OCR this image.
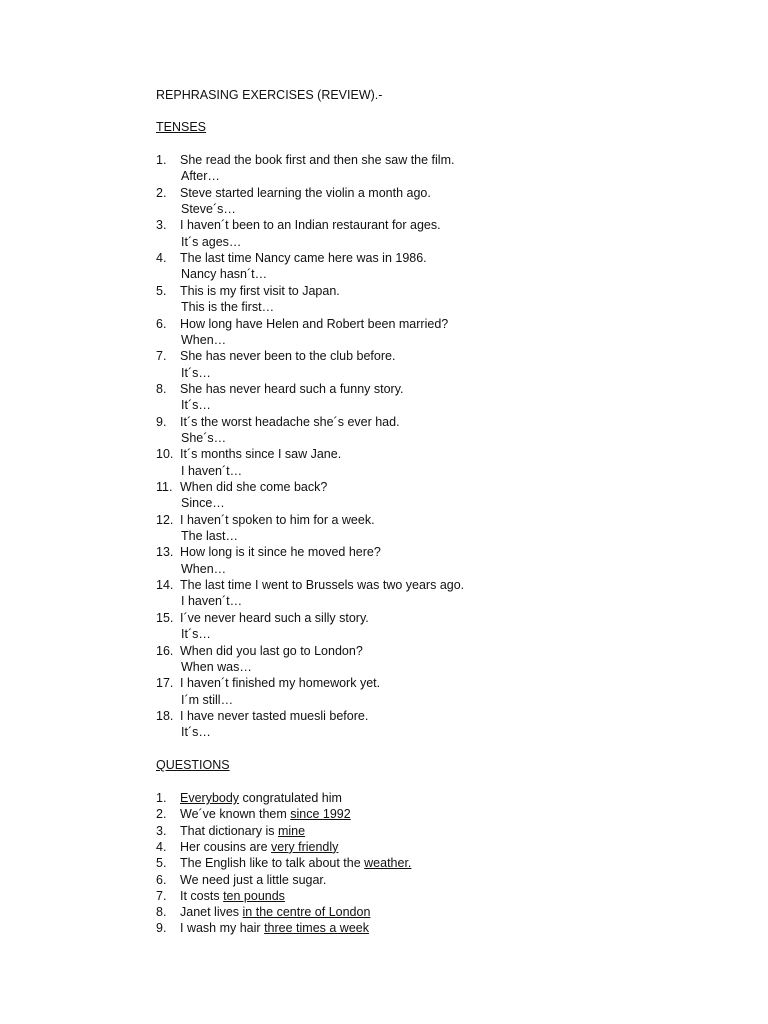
REPHRASING EXERCISES (REVIEW).-
TENSES
1. She read the book first and then she saw the film.
After…
2. Steve started learning the violin a month ago.
Steve´s…
3. I haven´t been to an Indian restaurant for ages.
It´s ages…
4. The last time Nancy came here was in 1986.
Nancy hasn´t…
5. This is my first visit to Japan.
This is the first…
6. How long have Helen and Robert been married?
When…
7. She has never been to the club before.
It´s…
8. She has never heard such a funny story.
It´s…
9. It´s the worst headache she´s ever had.
She´s…
10. It´s months since I saw Jane.
I haven´t…
11. When did she come back?
Since…
12. I haven´t spoken to him for a week.
The last…
13. How long is it since he moved here?
When…
14. The last time I went to Brussels was two years ago.
I haven´t…
15. I´ve never heard such a silly story.
It´s…
16. When did you last go to London?
When was…
17. I haven´t finished my homework yet.
I´m still…
18. I have never tasted muesli before.
It´s…
QUESTIONS
1. Everybody congratulated him
2. We´ve known them since 1992
3. That dictionary is mine
4. Her cousins are very friendly
5. The English like to talk about the weather.
6. We need just a little sugar.
7. It costs ten pounds
8. Janet lives in the centre of London
9. I wash my hair three times a week
